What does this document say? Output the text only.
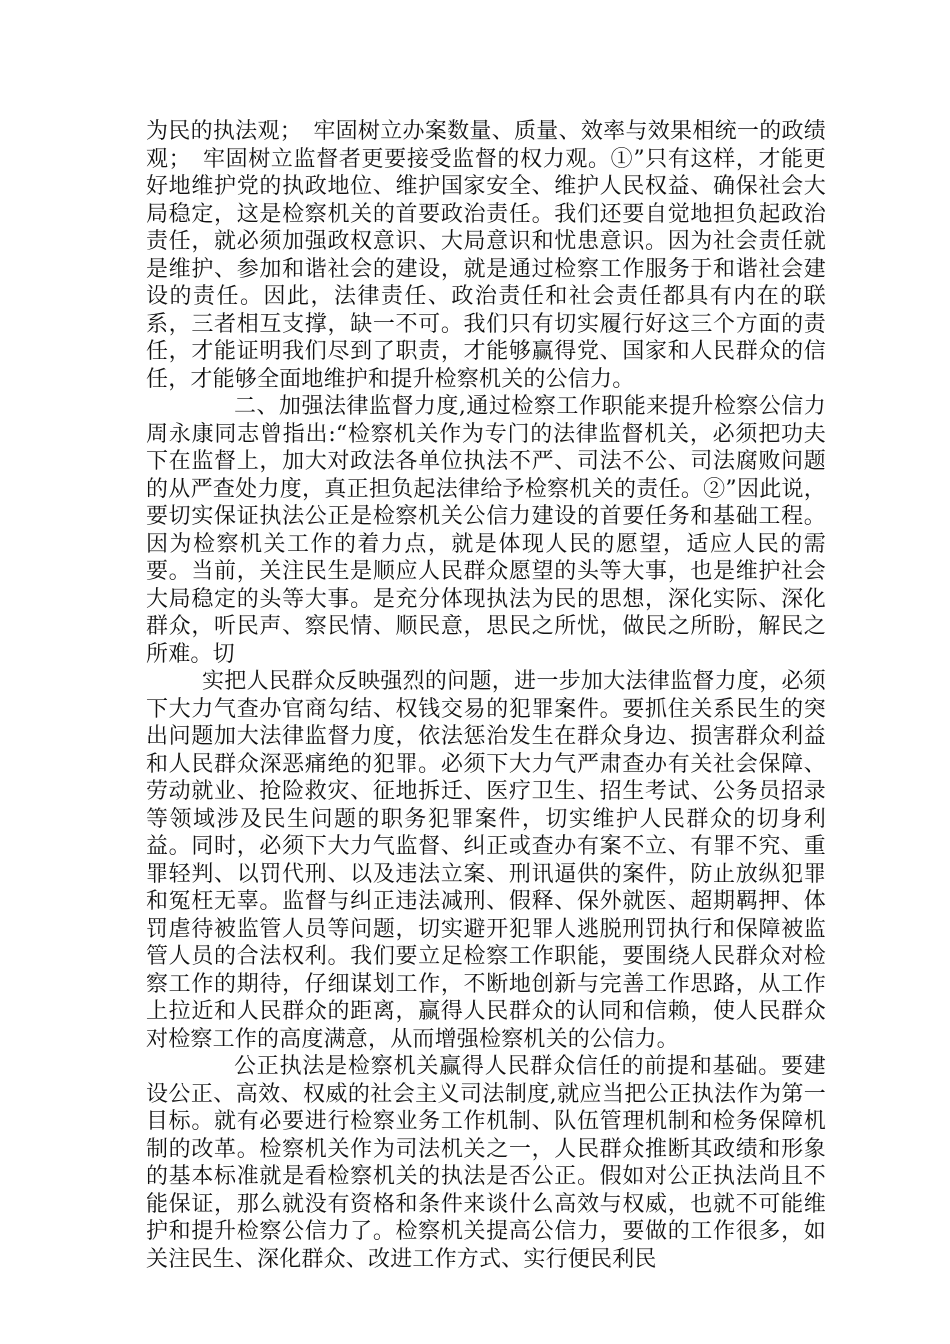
为民的执法观；　牢固树立办案数量、质量、效率与效果相统一的政绩观；　牢固树立监督者更要接受监督的权力观。①”只有这样，才能更好地维护党的执政地位、维护国家安全、维护人民权益、确保社会大局稳定，这是检察机关的首要政治责任。我们还要自觉地担负起政治责任，就必须加强政权意识、大局意识和忧患意识。因为社会责任就是维护、参加和谐社会的建设，就是通过检察工作服务于和谐社会建设的责任。因此，法律责任、政治责任和社会责任都具有内在的联系，三者相互支撑，缺一不可。我们只有切实履行好这三个方面的责任，才能证明我们尽到了职责，才能够赢得党、国家和人民群众的信任，才能够全面地维护和提升检察机关的公信力。

二、加强法律监督力度,通过检察工作职能来提升检察公信力　周永康同志曾指出:“检察机关作为专门的法律监督机关，必须把功夫下在监督上，加大对政法各单位执法不严、司法不公、司法腐败问题的从严查处力度，真正担负起法律给予检察机关的责任。②”因此说，要切实保证执法公正是检察机关公信力建设的首要任务和基础工程。因为检察机关工作的着力点，就是体现人民的愿望，适应人民的需要。当前，关注民生是顺应人民群众愿望的头等大事，也是维护社会大局稳定的头等大事。是充分体现执法为民的思想，深化实际、深化群众，听民声、察民情、顺民意，思民之所忧，做民之所盼，解民之所难。切

实把人民群众反映强烈的问题，进一步加大法律监督力度，必须下大力气查办官商勾结、权钱交易的犯罪案件。要抓住关系民生的突出问题加大法律监督力度，依法惩治发生在群众身边、损害群众利益和人民群众深恶痛绝的犯罪。必须下大力气严肃查办有关社会保障、劳动就业、抢险救灾、征地拆迁、医疗卫生、招生考试、公务员招录等领域涉及民生问题的职务犯罪案件，切实维护人民群众的切身利益。同时，必须下大力气监督、纠正或查办有案不立、有罪不究、重罪轻判、以罚代刑、以及违法立案、刑讯逼供的案件，防止放纵犯罪和冤枉无辜。监督与纠正违法减刑、假释、保外就医、超期羁押、体罚虐待被监管人员等问题，切实避开犯罪人逃脱刑罚执行和保障被监管人员的合法权利。我们要立足检察工作职能，要围绕人民群众对检察工作的期待，仔细谋划工作，不断地创新与完善工作思路，从工作上拉近和人民群众的距离，赢得人民群众的认同和信赖，使人民群众对检察工作的高度满意，从而增强检察机关的公信力。

公正执法是检察机关赢得人民群众信任的前提和基础。要建设公正、高效、权威的社会主义司法制度,就应当把公正执法作为第一目标。就有必要进行检察业务工作机制、队伍管理机制和检务保障机制的改革。检察机关作为司法机关之一，人民群众推断其政绩和形象的基本标准就是看检察机关的执法是否公正。假如对公正执法尚且不能保证，那么就没有资格和条件来谈什么高效与权威，也就不可能维护和提升检察公信力了。检察机关提高公信力，要做的工作很多，如关注民生、深化群众、改进工作方式、实行便民利民
